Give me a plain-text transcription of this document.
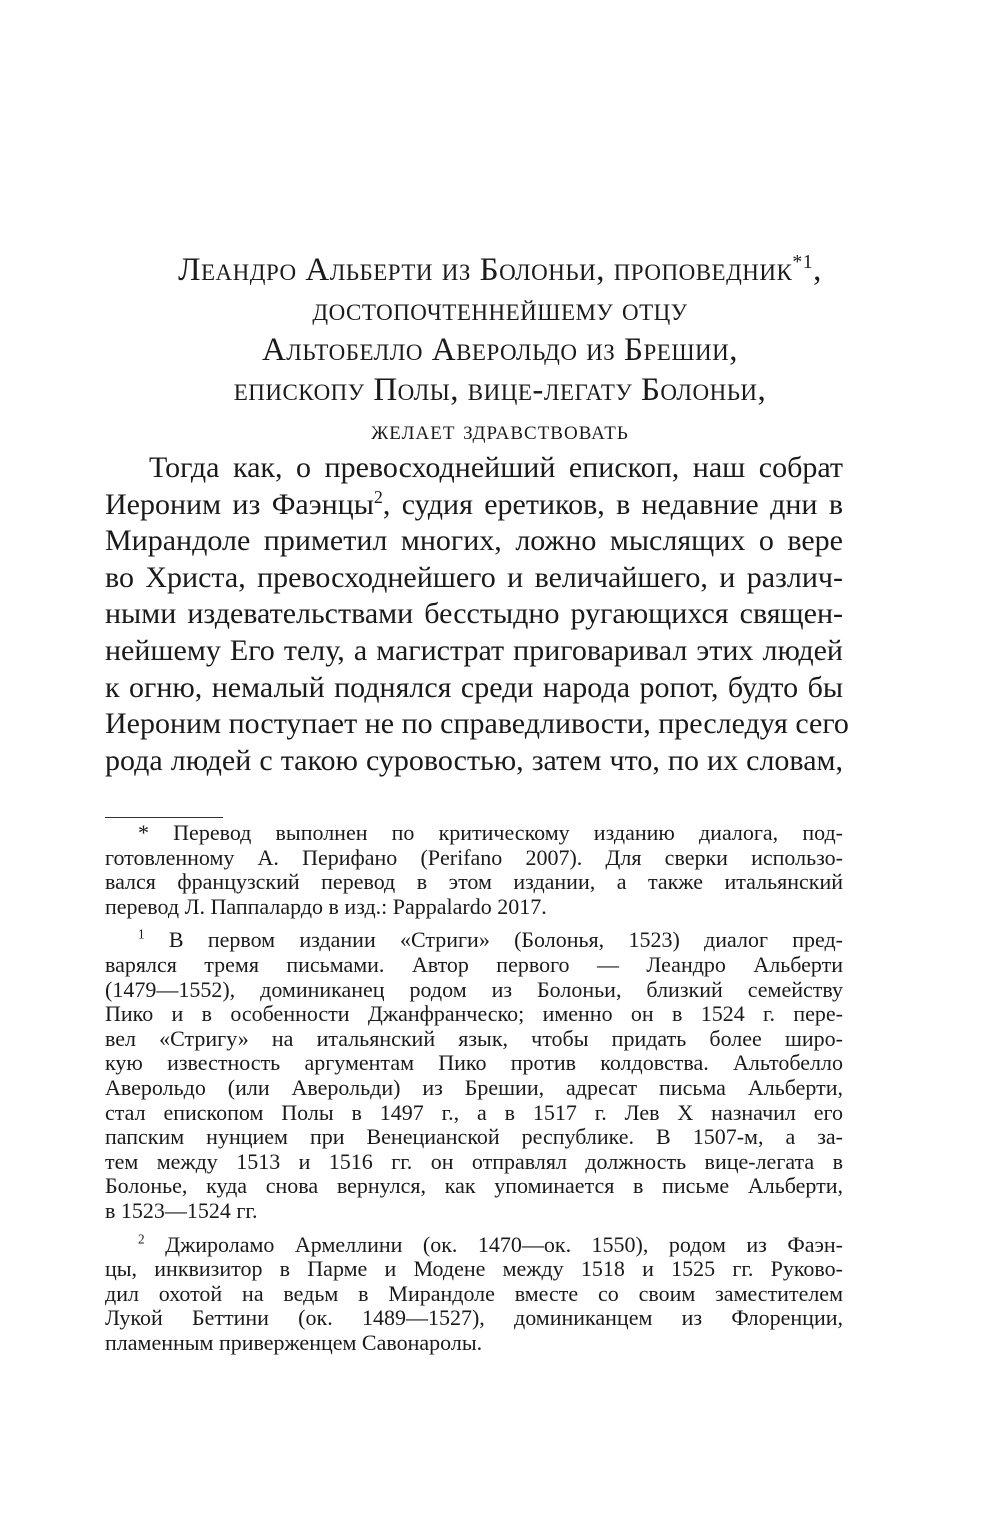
Леандро Альберти из Болоньи, проповедник$^{*1}$,
достопочтеннейшему отцу
Альтобелло Аверольдо из Брешии,
епископу Полы, вице-легату Болоньи,
желает здравствовать
Тогда как, о превосходнейший епископ, наш собрат
Иероним из Фаэнцы$^2$, судия еретиков, в недавние дни в
Мирандоле приметил многих, ложно мыслящих о вере
во Христа, превосходнейшего и величайшего, и различ-
ными издевательствами бесстыдно ругающихся священ-
нейшему Его телу, а магистрат приговаривал этих людей
к огню, немалый поднялся среди народа ропот, будто бы
Иероним поступает не по справедливости, преследуя сего
рода людей с такою суровостью, затем что, по их словам,
* Перевод выполнен по критическому изданию диалога, под-
готовленному А. Перифано (Perifano 2007). Для сверки использо-
вался французский перевод в этом издании, а также итальянский
перевод Л. Паппалардо в изд.: Pappalardo 2017.
$^1$ В первом издании «Стриги» (Болонья, 1523) диалог пред-
варялся тремя письмами. Автор первого — Леандро Альберти
(1479—1552), доминиканец родом из Болоньи, близкий семейству
Пико и в особенности Джанфранческо; именно он в 1524 г. пере-
вел «Стригу» на итальянский язык, чтобы придать более широ-
кую известность аргументам Пико против колдовства. Альтобелло
Аверольдо (или Аверольди) из Брешии, адресат письма Альберти,
стал епископом Полы в 1497 г., а в 1517 г. Лев X назначил его
папским нунцием при Венецианской республике. В 1507-м, а за-
тем между 1513 и 1516 гг. он отправлял должность вице-легата в
Болонье, куда снова вернулся, как упоминается в письме Альберти,
в 1523—1524 гг.
$^2$ Джироламо Армеллини (ок. 1470—ок. 1550), родом из Фаэн-
цы, инквизитор в Парме и Модене между 1518 и 1525 гг. Руково-
дил охотой на ведьм в Мирандоле вместе со своим заместителем
Лукой Беттини (ок. 1489—1527), доминиканцем из Флоренции,
пламенным приверженцем Савонаролы.
